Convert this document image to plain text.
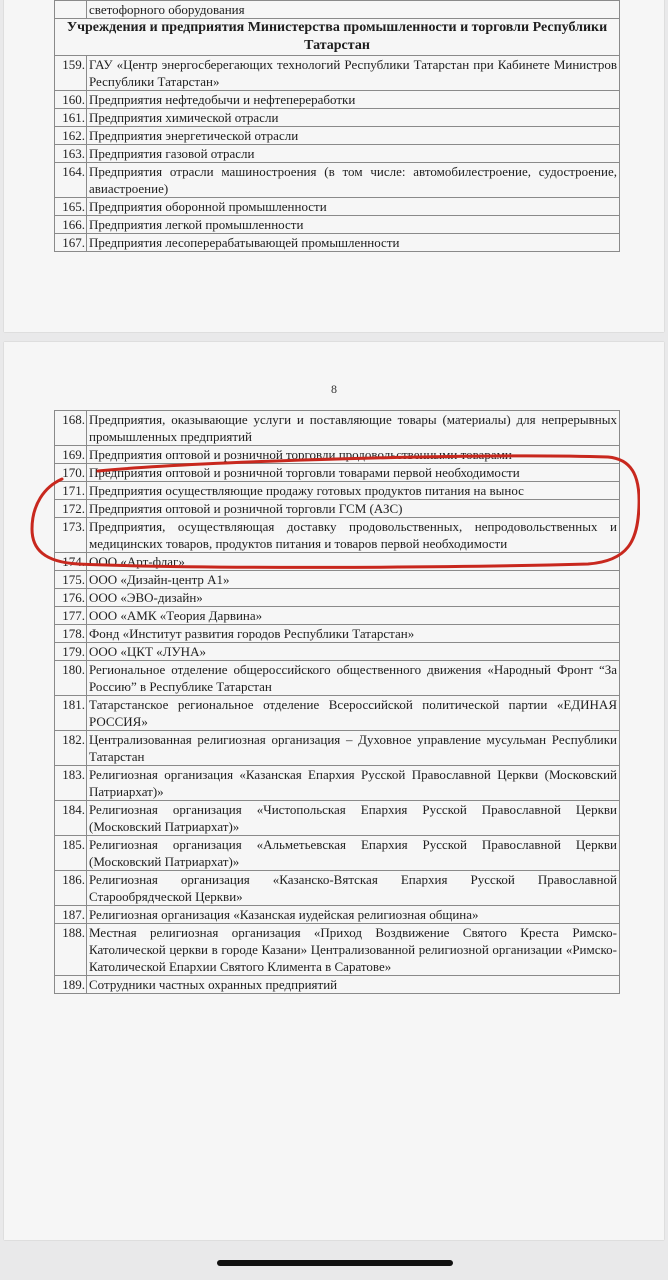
	светофорного оборудования
Учреждения и предприятия Министерства промышленности и торговли Республики Татарстан	
159.	ГАУ «Центр энергосберегающих технологий Республики Татарстан при Кабинете Министров Республики Татарстан»
160.	Предприятия нефтедобычи и нефтепереработки
161.	Предприятия химической отрасли
162.	Предприятия энергетической отрасли
163.	Предприятия газовой отрасли
164.	Предприятия отрасли машиностроения (в том числе: автомобилестроение, судостроение, авиастроение)
165.	Предприятия оборонной промышленности
166.	Предприятия легкой промышленности
167.	Предприятия лесоперерабатывающей промышленности
8
168.	Предприятия, оказывающие услуги и поставляющие товары (материалы) для непрерывных промышленных предприятий
169.	Предприятия оптовой и розничной торговли продовольственными товарами
170.	Предприятия оптовой и розничной торговли товарами первой необходимости
171.	Предприятия осуществляющие продажу готовых продуктов питания на вынос
172.	Предприятия оптовой и розничной торговли ГСМ (АЗС)
173.	Предприятия, осуществляющая доставку продовольственных, непродовольственных и медицинских товаров, продуктов питания и товаров первой необходимости
174.	ООО «Арт-флаг»
175.	ООО «Дизайн-центр А1»
176.	ООО «ЭВО-дизайн»
177.	ООО «АМК «Теория Дарвина»
178.	Фонд «Институт развития городов Республики Татарстан»
179.	ООО «ЦКТ «ЛУНА»
180.	Региональное отделение общероссийского общественного движения «Народный Фронт “За Россию” в Республике Татарстан
181.	Татарстанское региональное отделение Всероссийской политической партии «ЕДИНАЯ РОССИЯ»
182.	Централизованная религиозная организация – Духовное управление мусульман Республики Татарстан
183.	Религиозная организация «Казанская Епархия Русской Православной Церкви (Московский Патриархат)»
184.	Религиозная организация «Чистопольская Епархия Русской Православной Церкви (Московский Патриархат)»
185.	Религиозная организация «Альметьевская Епархия Русской Православной Церкви (Московский Патриархат)»
186.	Религиозная организация «Казанско-Вятская Епархия Русской Православной Старообрядческой Церкви»
187.	Религиозная организация «Казанская иудейская религиозная община»
188.	Местная религиозная организация «Приход Воздвижение Святого Креста Римско-Католической церкви в городе Казани» Централизованной религиозной организации «Римско-Католической Епархии Святого Климента в Саратове»
189.	Сотрудники частных охранных предприятий
